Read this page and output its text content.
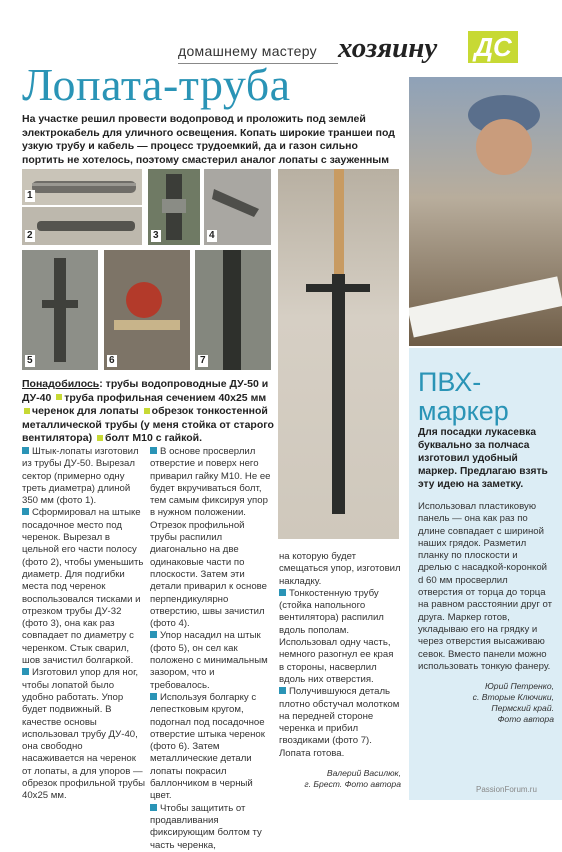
домашнему мастеру хозяину ДС
Лопата-труба
На участке решил провести водопровод и проложить под землей электрокабель для уличного освещения. Копать широкие траншеи под узкую трубу и кабель — процесс трудоемкий, да и газон сильно портить не хотелось, поэтому смастерил аналог лопаты с зауженным
1
2	3	4
5	6	7
Понадобилось: трубы водопроводные ДУ-50 и ДУ-40 труба профильная сечением 40х25 мм черенок для лопаты обрезок тонкостенной металлической трубы (у меня стойка от старого вентилятора) болт М10 с гайкой.

Штык-лопаты изготовил из трубы ДУ-50. Вырезал сектор (примерно одну треть диаметра) длиной 350 мм (фото 1).

Сформировал на штыке посадочное место под черенок. Вырезал в цельной его части полосу (фото 2), чтобы уменьшить диаметр. Для подгибки места под черенок воспользовался тисками и отрезком трубы ДУ-32 (фото 3), она как раз совпадает по диаметру с черенком. Стык сварил, шов зачистил болгаркой.

Изготовил упор для ног, чтобы лопатой было удобно работать. Упор будет подвижный. В качестве основы использовал трубу ДУ-40, она свободно насаживается на черенок от лопаты, а для упоров — обрезок профильной трубы 40х25 мм.

В основе просверлил отверстие и поверх него приварил гайку М10. Не ее будет вкручиваться болт, тем самым фиксируя упор в нужном положении. Отрезок профильной трубы распилил диагонально на две одинаковые части по плоскости. Затем эти детали приварил к основе перпендикулярно отверстию, швы зачистил (фото 4).

Упор насадил на штык (фото 5), он сел как положено с минимальным зазором, что и требовалось.

Используя болгарку с лепестковым кругом, подогнал под посадочное отверстие штыка черенок (фото 6). Затем металлические детали лопаты покрасил баллончиком в черный цвет.

Чтобы защитить от продавливания фиксирующим болтом ту часть черенка,

на которую будет смещаться упор, изготовил накладку.

Тонкостенную трубу (стойка напольного вентилятора) распилил вдоль пополам. Использовал одну часть, немного разогнул ее края в стороны, насверлил вдоль них отверстия.

Получившуюся деталь плотно обстучал молотком на передней стороне черенка и прибил гвоздиками (фото 7). Лопата готова.

Валерий Василюк,
г. Брест. Фото автора
ПВХ-
маркер
Для посадки лукасевка буквально за полчаса изготовил удобный маркер. Предлагаю взять эту идею на заметку.
Использовал пластиковую панель — она как раз по длине совпадает с шириной наших грядок. Разметил планку по плоскости и дрелью с насадкой-коронкой d 60 мм просверлил отверстия от торца до торца на равном расстоянии друг от друга. Маркер готов, укладываю его на грядку и через отверстия высаживаю севок. Вместо панели можно использовать тонкую фанеру.
Юрий Петренко,
с. Вторые Ключики,
Пермский край.
Фото автора
PassionForum.ru
